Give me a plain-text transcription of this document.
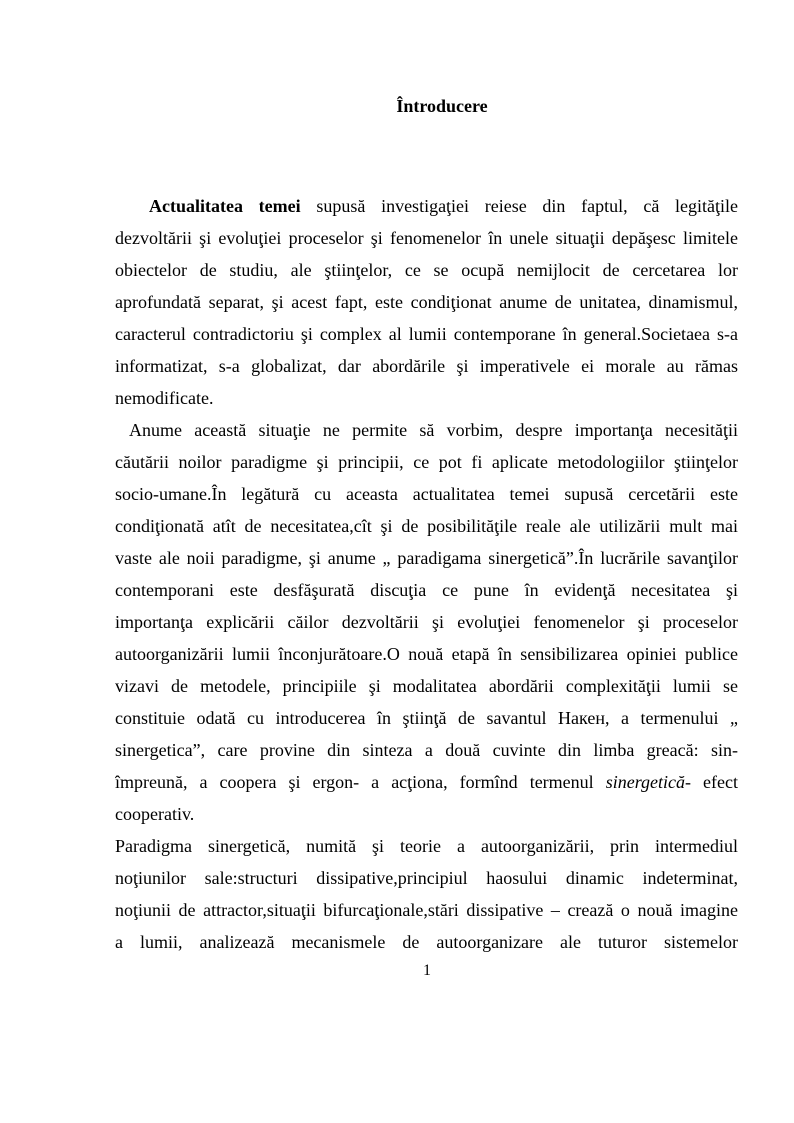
Întroducere
Actualitatea temei supusă investigaţiei reiese din faptul, că legităţile
dezvoltării şi evoluţiei proceselor şi fenomenelor în unele situaţii depăşesc limitele
obiectelor de studiu, ale ştiinţelor, ce se ocupă nemijlocit de cercetarea lor
aprofundată separat, şi acest fapt, este condiţionat anume de unitatea, dinamismul,
caracterul contradictoriu şi complex al lumii contemporane în general.Societaea s-a
informatizat, s-a globalizat, dar abordările şi imperativele ei morale au rămas
nemodificate.
Anume această situaţie ne permite să vorbim, despre importanţa necesităţii
căutării noilor paradigme şi principii, ce pot fi aplicate metodologiilor ştiinţelor
socio-umane.În legătură cu aceasta actualitatea temei supusă cercetării este
condiţionată atît de necesitatea,cît şi de posibilităţile reale ale utilizării mult mai
vaste ale noii paradigme, şi anume „ paradigama sinergetică”.În lucrările savanţilor
contemporani este desfăşurată discuţia ce pune în evidenţă necesitatea şi
importanţa explicării căilor dezvoltării şi evoluţiei fenomenelor şi proceselor
autoorganizării lumii înconjurătoare.O nouă etapă în sensibilizarea opiniei publice
vizavi de metodele, principiile şi modalitatea abordării complexităţii lumii se
constituie odată cu introducerea în ştiinţă de savantul Накен, a termenului „
sinergetica”, care provine din sinteza a două cuvinte din limba greacă: sin-
împreună, a coopera şi ergon- a acţiona, formînd termenul sinergetică- efect
cooperativ.
Paradigma sinergetică, numită şi teorie a autoorganizării, prin intermediul
noţiunilor sale:structuri dissipative,principiul haosului dinamic indeterminat,
noţiunii de attractor,situaţii bifurcaţionale,stări dissipative – crează o nouă imagine
a lumii, analizează mecanismele de autoorganizare ale tuturor sistemelor
1
